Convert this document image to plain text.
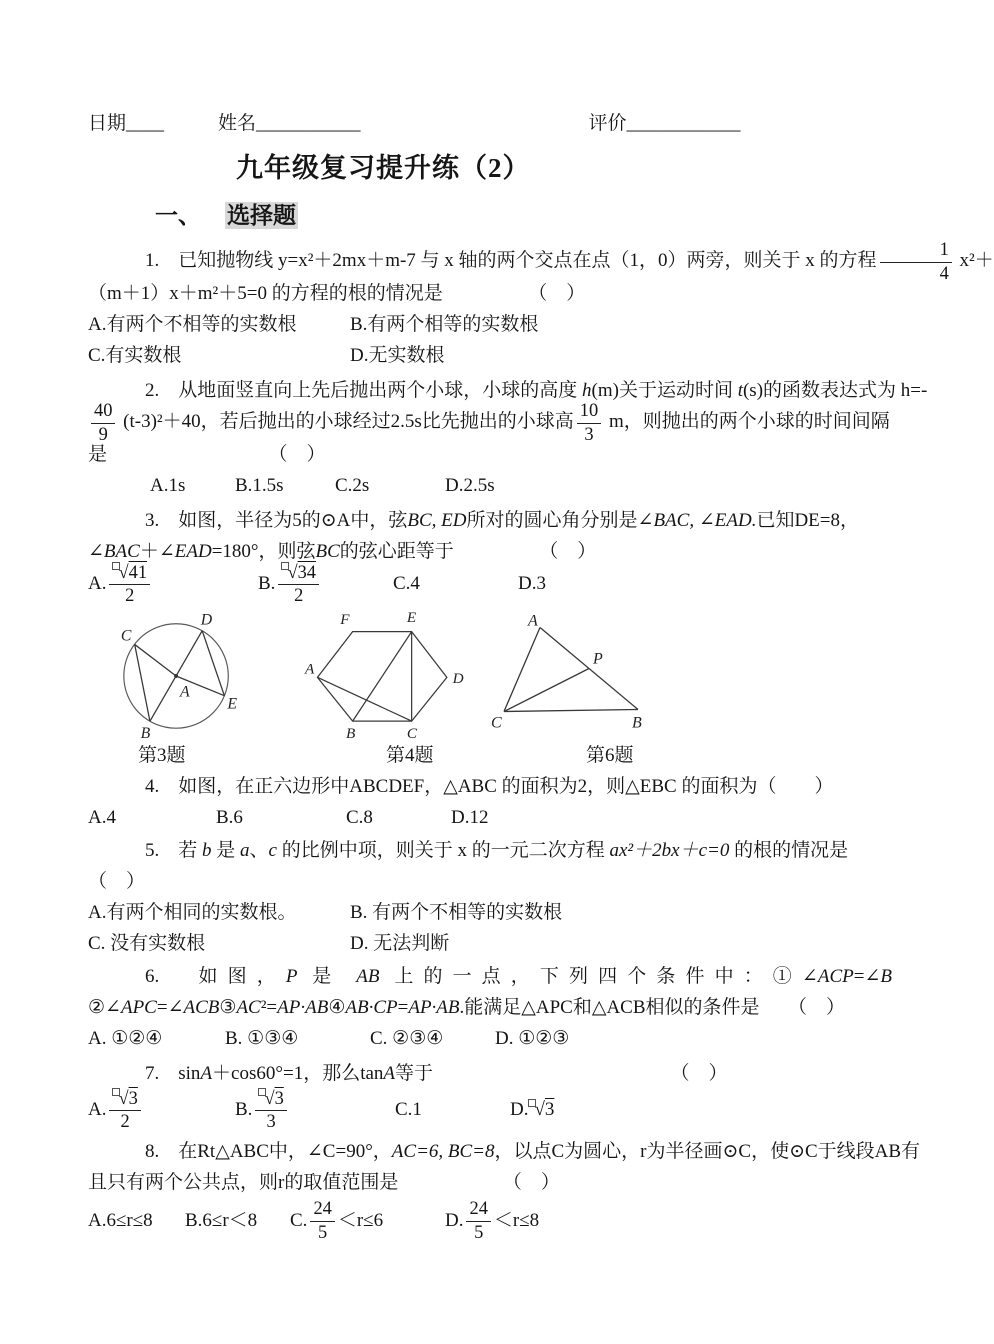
日期____	姓名___________	评价____________
九年级复习提升练（2）
一、 选择题
1.　已知抛物线 y=x²＋2mx＋m-7 与 x 轴的两个交点在点（1，0）两旁，则关于 x 的方程 $\frac{1}{4} x^2+$
（m＋1）x＋m²＋5=0 的方程的根的情况是　　　　　（　）
A.有两个不相等的实数根	B.有两个相等的实数根
C.有实数根	D.无实数根
2.　从地面竖直向上先后抛出两个小球，小球的高度 h(m)关于运动时间 t(s)的函数表达式为 h=-
$\frac{40}{9} (t-3)^2+40$，若后抛出的小球经过2.5s比先抛出的小球高 $\frac{10}{3}$ m，则抛出的两个小球的时间间隔
是　　　　　　　　　（　）
A.1s	B.1.5s	C.2s	D.2.5s
3.　如图，半径为5的⊙A中，弦BC, ED所对的圆心角分别是∠BAC, ∠EAD.已知DE=8，
∠BAC＋∠EAD=180°，则弦BC的弦心距等于　　　　　（　）
A. $\frac{√41}{2}$	B. $\frac{√34}{2}$	C.4	D.3
C
D
A
E
B
A
B	C
D
E
F	A
P
C	B
第3题	第4题	第6题
4.　如图，在正六边形中ABCDEF，△ABC 的面积为2，则△EBC 的面积为（　　）
A.4	B.6	C.8	D.12
5.　若 b 是 a、c 的比例中项，则关于 x 的一元二次方程 ax²＋2bx＋c=0 的根的情况是
（　）
A.有两个相同的实数根。	B. 有两个不相等的实数根
C. 没有实数根	D. 无法判断
6.　如图，P 是 AB 上的一点，下列四个条件中：①∠ACP=∠B
②∠APC=∠ACB③AC²=AP·AB④AB·CP=AP·AB.能满足△APC和△ACB相似的条件是　　（　）
A. ①②④	B. ①③④	C. ②③④	D. ①②③
7.　sinA＋cos60°=1，那么tanA等于　　　　　　　　　　　　　（　）
A. $\frac{√3}{2}$	B. $\frac{√3}{3}$	C.1	D. √3
8.　在Rt△ABC中，∠C=90°，AC=6, BC=8，以点C为圆心，r为半径画⊙C，使⊙C于线段AB有
且只有两个公共点，则r的取值范围是　　　　　　（　）
A.6≤r≤8	B.6≤r＜8	C. $\frac{24}{5} <r\le 6$	D. $\frac{24}{5} <r\le 8$
